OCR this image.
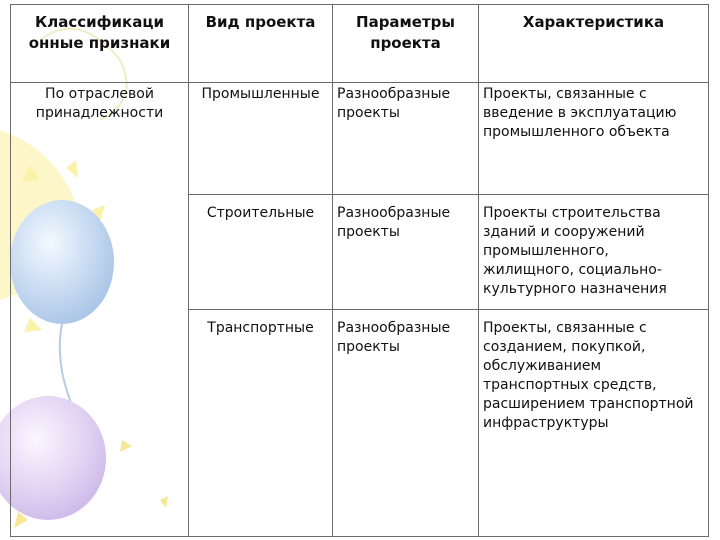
Классификаци онные признаки	Вид проекта	Параметры проекта	Характеристика
По отраслевой принадлежности	Промышленные	Разнообразные проекты	Проекты, связанные с введение в эксплуатацию промышленного объекта
	Строительные	Разнообразные проекты	Проекты строительства зданий и сооружений промышленного, жилищного, социально-культурного назначения
	Транспортные	Разнообразные проекты	Проекты, связанные с созданием, покупкой, обслуживанием транспортных средств, расширением транспортной инфраструктуры
